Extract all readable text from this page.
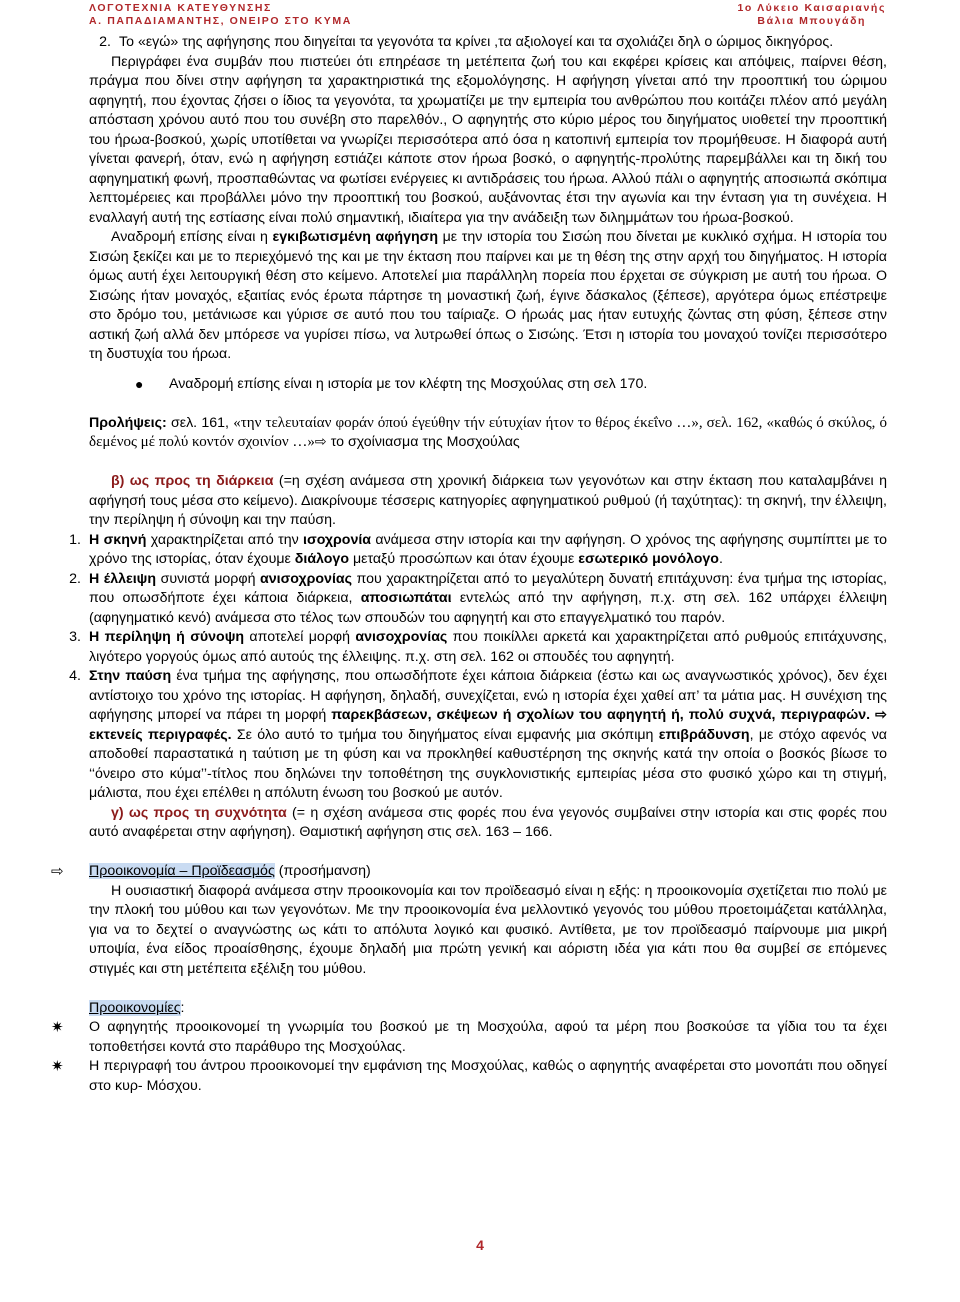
ΛΟΓΟΤΕΧΝΙΑ ΚΑΤΕΥΘΥΝΣΗΣ
Α. ΠΑΠΑΔΙΑΜΑΝΤΗΣ, ΟΝΕΙΡΟ ΣΤΟ ΚΥΜΑ
1ο Λύκειο Καισαριανής
Βάλια Μπουγάδη

2. Το «εγώ» της αφήγησης που διηγείται τα γεγονότα τα κρίνει ,τα αξιολογεί και τα σχολιάζει δηλ ο ώριμος δικηγόρος.

Περιγράφει ένα συμβάν που πιστεύει ότι επηρέασε τη μετέπειτα ζωή του και εκφέρει κρίσεις και απόψεις, παίρνει θέση, πράγμα που δίνει στην αφήγηση τα χαρακτηριστικά της εξομολόγησης. Η αφήγηση γίνεται από την προοπτική του ώριμου αφηγητή, που έχοντας ζήσει ο ίδιος τα γεγονότα, τα χρωματίζει με την εμπειρία του ανθρώπου που κοιτάζει πλέον από μεγάλη απόσταση χρόνου αυτό που του συνέβη στο παρελθόν., Ο αφηγητής στο κύριο μέρος του διηγήματος υιοθετεί την προοπτική του ήρωα-βοσκού, χωρίς υποτίθεται να γνωρίζει περισσότερα από όσα η κατοπινή εμπειρία τον προμήθευσε. Η διαφορά αυτή γίνεται φανερή, όταν, ενώ η αφήγηση εστιάζει κάποτε στον ήρωα βοσκό, ο αφηγητής-προλύτης παρεμβάλλει και τη δική του αφηγηματική φωνή, προσπαθώντας να φωτίσει ενέργειες κι αντιδράσεις του ήρωα. Αλλού πάλι ο αφηγητής αποσιωπά σκόπιμα λεπτομέρειες και προβάλλει μόνο την προοπτική του βοσκού, αυξάνοντας έτσι την αγωνία και την ένταση για τη συνέχεια. Η εναλλαγή αυτή της εστίασης είναι πολύ σημαντική, ιδιαίτερα για την ανάδειξη των διλημμάτων του ήρωα-βοσκού.

Αναδρομή επίσης είναι η εγκιβωτισμένη αφήγηση με την ιστορία του Σισώη που δίνεται με κυκλικό σχήμα. Η ιστορία του Σισώη ξεκίζει και με το περιεχόμενό της και με την έκταση που παίρνει και με τη θέση της στην αρχή του διηγήματος. Η ιστορία όμως αυτή έχει λειτουργική θέση στο κείμενο. Αποτελεί μια παράλληλη πορεία που έρχεται σε σύγκριση με αυτή του ήρωα. Ο Σισώης ήταν μοναχός, εξαιτίας ενός έρωτα πάρτησε τη μοναστική ζωή, έγινε δάσκαλος (ξέπεσε), αργότερα όμως επέστρεψε στο δρόμο του, μετάνιωσε και γύρισε σε αυτό που του ταίριαζε. Ο ήρωάς μας ήταν ευτυχής ζώντας στη φύση, ξέπεσε στην αστική ζωή αλλά δεν μπόρεσε να γυρίσει πίσω, να λυτρωθεί όπως ο Σισώης. Έτσι η ιστορία του μοναχού τονίζει περισσότερο τη δυστυχία του ήρωα.

● Αναδρομή επίσης είναι η ιστορία με τον κλέφτη της Μοσχούλας στη σελ 170.

Προλήψεις: σελ. 161, «την τελευταίαν φοράν όπού έγεύθην τήν εύτυχίαν ήτον το θέρος έκεΐνο …», σελ. 162, «καθώς ό σκύλος, ό δεμένος μέ πολύ κοντόν σχοινίον …»⇨ το σχοίνιασμα της Μοσχούλας

β) ως προς τη διάρκεια (=η σχέση ανάμεσα στη χρονική διάρκεια των γεγονότων και στην έκταση που καταλαμβάνει η αφήγησή τους μέσα στο κείμενο). Διακρίνουμε τέσσερις κατηγορίες αφηγηματικού ρυθμού (ή ταχύτητας): τη σκηνή, την έλλειψη, την περίληψη ή σύνοψη και την παύση.

1. Η σκηνή χαρακτηρίζεται από την ισοχρονία ανάμεσα στην ιστορία και την αφήγηση. Ο χρόνος της αφήγησης συμπίπτει με το χρόνο της ιστορίας, όταν έχουμε διάλογο μεταξύ προσώπων και όταν έχουμε εσωτερικό μονόλογο.

2. Η έλλειψη συνιστά μορφή ανισοχρονίας που χαρακτηρίζεται από το μεγαλύτερη δυνατή επιτάχυνση: ένα τμήμα της ιστορίας, που οπωσδήποτε έχει κάποια διάρκεια, αποσιωπάται εντελώς από την αφήγηση, π.χ. στη σελ. 162 υπάρχει έλλειψη (αφηγηματικό κενό) ανάμεσα στο τέλος των σπουδών του αφηγητή και στο επαγγελματικό του παρόν.

3. Η περίληψη ή σύνοψη αποτελεί μορφή ανισοχρονίας που ποικίλλει αρκετά και χαρακτηρίζεται από ρυθμούς επιτάχυνσης, λιγότερο γοργούς όμως από αυτούς της έλλειψης. π.χ. στη σελ. 162 οι σπουδές του αφηγητή.

4. Στην παύση ένα τμήμα της αφήγησης, που οπωσδήποτε έχει κάποια διάρκεια (έστω και ως αναγνωστικός χρόνος), δεν έχει αντίστοιχο του χρόνο της ιστορίας. Η αφήγηση, δηλαδή, συνεχίζεται, ενώ η ιστορία έχει χαθεί απ’ τα μάτια μας. Η συνέχιση της αφήγησης μπορεί να πάρει τη μορφή παρεκβάσεων, σκέψεων ή σχολίων του αφηγητή ή, πολύ συχνά, περιγραφών. ⇨ εκτενείς περιγραφές. Σε όλο αυτό το τμήμα του διηγήματος είναι εμφανής μια σκόπιμη επιβράδυνση, με στόχο αφενός να αποδοθεί παραστατικά η ταύτιση με τη φύση και να προκληθεί καθυστέρηση της σκηνής κατά την οποία ο βοσκός βίωσε το ‘‘όνειρο στο κύμα’’-τίτλος που δηλώνει την τοποθέτηση της συγκλονιστικής εμπειρίας μέσα στο φυσικό χώρο και τη στιγμή, μάλιστα, που έχει επέλθει η απόλυτη ένωση του βοσκού με αυτόν.

γ) ως προς τη συχνότητα (= η σχέση ανάμεσα στις φορές που ένα γεγονός συμβαίνει στην ιστορία και στις φορές που αυτό αναφέρεται στην αφήγηση). Θαμιστική αφήγηση στις σελ. 163 – 166.

⇨ Προοικονομία – Προϊδεασμός (προσήμανση)

Η ουσιαστική διαφορά ανάμεσα στην προοικονομία και τον προϊδεασμό είναι η εξής: η προοικονομία σχετίζεται πιο πολύ με την πλοκή του μύθου και των γεγονότων. Με την προοικονομία ένα μελλοντικό γεγονός του μύθου προετοιμάζεται κατάλληλα, για να το δεχτεί ο αναγνώστης ως κάτι το απόλυτα λογικό και φυσικό. Αντίθετα, με τον προϊδεασμό παίρνουμε μια μικρή υποψία, ένα είδος προαίσθησης, έχουμε δηλαδή μια πρώτη γενική και αόριστη ιδέα για κάτι που θα συμβεί σε επόμενες στιγμές και στη μετέπειτα εξέλιξη του μύθου.

Προοικονομίες:

✷ Ο αφηγητής προοικονομεί τη γνωριμία του βοσκού με τη Μοσχούλα, αφού τα μέρη που βοσκούσε τα γίδια του τα έχει τοποθετήσει κοντά στο παράθυρο της Μοσχούλας.

✷ Η περιγραφή του άντρου προοικονομεί την εμφάνιση της Μοσχούλας, καθώς ο αφηγητής αναφέρεται στο μονοπάτι που οδηγεί στο κυρ- Μόσχου.

4
